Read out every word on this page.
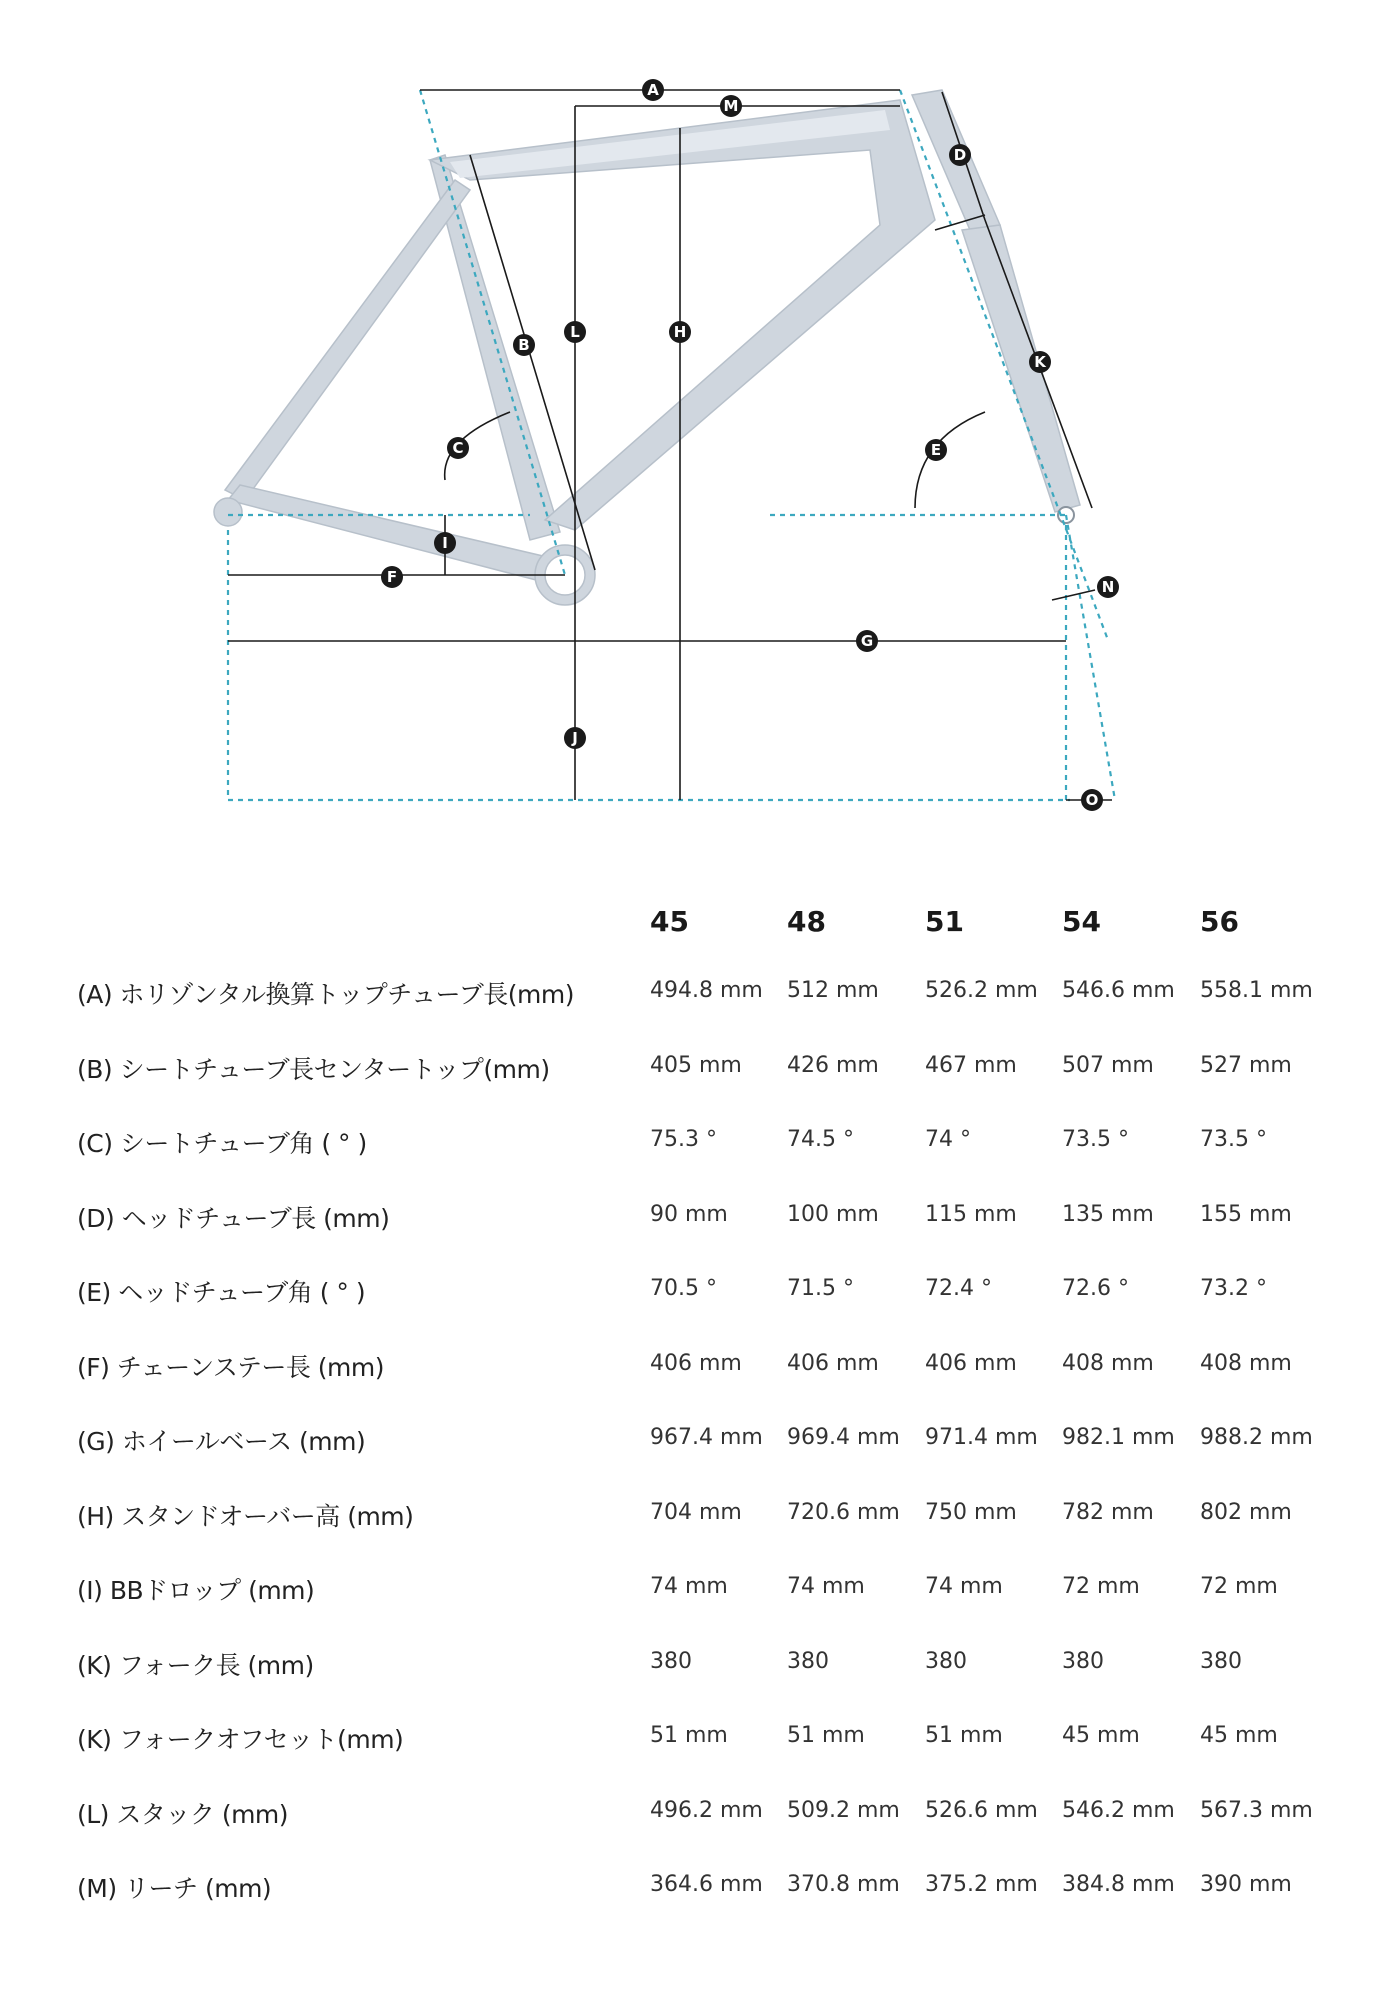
A
M
D
B
L	H
K
C	E
I
F
N
G
J
O
45	48	51	54	56
(A) ホリゾンタル換算トップチューブ長(mm)	494.8 mm 512 mm 526.2 mm 546.6 mm 558.1 mm
(B) シートチューブ長センタートップ(mm)	405 mm 426 mm 467 mm 507 mm 527 mm
(C) シートチューブ角 ( ° )	75.3 °	74.5 °	74 °	73.5 °	73.5 °
(D) ヘッドチューブ長 (mm)	90 mm	100 mm 115 mm 135 mm 155 mm
(E) ヘッドチューブ角 ( ° )	70.5 °	71.5 °	72.4 °	72.6 °	73.2 °
(F) チェーンステー長 (mm)	406 mm 406 mm 406 mm 408 mm 408 mm
(G) ホイールベース (mm)	967.4 mm 969.4 mm 971.4 mm 982.1 mm 988.2 mm
(H) スタンドオーバー高 (mm)	704 mm 720.6 mm 750 mm 782 mm 802 mm
(I) BBドロップ (mm)	74 mm	74 mm	74 mm	72 mm	72 mm
(K) フォーク長 (mm)	380	380	380	380	380
(K) フォークオフセット(mm)	51 mm	51 mm	51 mm	45 mm	45 mm
(L) スタック (mm)	496.2 mm 509.2 mm 526.6 mm 546.2 mm 567.3 mm
(M) リーチ (mm)	364.6 mm 370.8 mm 375.2 mm 384.8 mm 390 mm
